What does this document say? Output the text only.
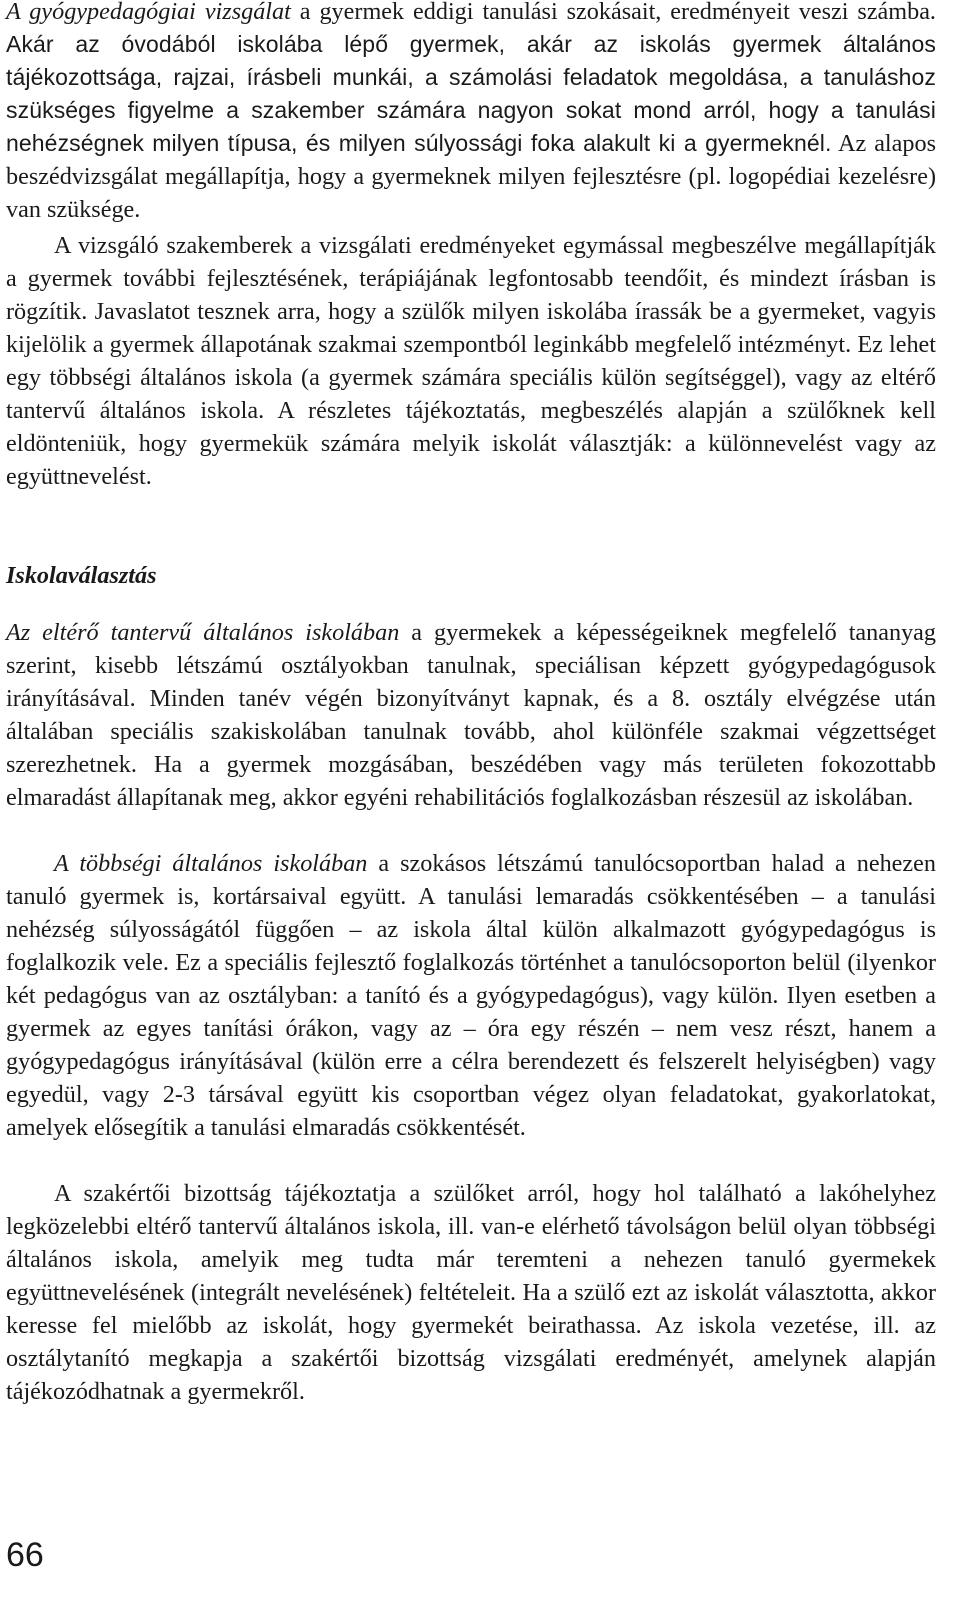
A gyógypedagógiai vizsgálat a gyermek eddigi tanulási szokásait, eredményeit veszi számba. Akár az óvodából iskolába lépő gyermek, akár az iskolás gyermek általános tájékozottsága, rajzai, írásbeli munkái, a számolási feladatok megoldása, a tanuláshoz szükséges figyelme a szakember számára nagyon sokat mond arról, hogy a tanulási nehézségnek milyen típusa, és milyen súlyossági foka alakult ki a gyermeknél. Az alapos beszédvizsgálat megállapítja, hogy a gyermeknek milyen fejlesztésre (pl. logopédiai kezelésre) van szüksége.

A vizsgáló szakemberek a vizsgálati eredményeket egymással megbeszélve megállapítják a gyermek további fejlesztésének, terápiájának legfontosabb teendőit, és mindezt írásban is rögzítik. Javaslatot tesznek arra, hogy a szülők milyen iskolába írassák be a gyermeket, vagyis kijelölik a gyermek állapotának szakmai szempontból leginkább megfelelő intézményt. Ez lehet egy többségi általános iskola (a gyermek számára speciális külön segítséggel), vagy az eltérő tantervű általános iskola. A részletes tájékoztatás, megbeszélés alapján a szülőknek kell eldönteniük, hogy gyermekük számára melyik iskolát választják: a különnevelést vagy az együttnevelést.

Iskolaválasztás

Az eltérő tantervű általános iskolában a gyermekek a képességeiknek megfelelő tananyag szerint, kisebb létszámú osztályokban tanulnak, speciálisan képzett gyógypedagógusok irányításával. Minden tanév végén bizonyítványt kapnak, és a 8. osztály elvégzése után általában speciális szakiskolában tanulnak tovább, ahol különféle szakmai végzettséget szerezhetnek. Ha a gyermek mozgásában, beszédében vagy más területen fokozottabb elmaradást állapítanak meg, akkor egyéni rehabilitációs foglalkozásban részesül az iskolában.

A többségi általános iskolában a szokásos létszámú tanulócsoportban halad a nehezen tanuló gyermek is, kortársaival együtt. A tanulási lemaradás csökkentésében – a tanulási nehézség súlyosságától függően – az iskola által külön alkalmazott gyógypedagógus is foglalkozik vele. Ez a speciális fejlesztő foglalkozás történhet a tanulócsoporton belül (ilyenkor két pedagógus van az osztályban: a tanító és a gyógypedagógus), vagy külön. Ilyen esetben a gyermek az egyes tanítási órákon, vagy az – óra egy részén – nem vesz részt, hanem a gyógypedagógus irányításával (külön erre a célra berendezett és felszerelt helyiségben) vagy egyedül, vagy 2-3 társával együtt kis csoportban végez olyan feladatokat, gyakorlatokat, amelyek elősegítik a tanulási elmaradás csökkentését.

A szakértői bizottság tájékoztatja a szülőket arról, hogy hol található a lakóhelyhez legközelebbi eltérő tantervű általános iskola, ill. van-e elérhető távolságon belül olyan többségi általános iskola, amelyik meg tudta már teremteni a nehezen tanuló gyermekek együttnevelésének (integrált nevelésének) feltételeit. Ha a szülő ezt az iskolát választotta, akkor keresse fel mielőbb az iskolát, hogy gyermekét beirathassa. Az iskola vezetése, ill. az osztálytanító megkapja a szakértői bizottság vizsgálati eredményét, amelynek alapján tájékozódhatnak a gyermekről.

66
